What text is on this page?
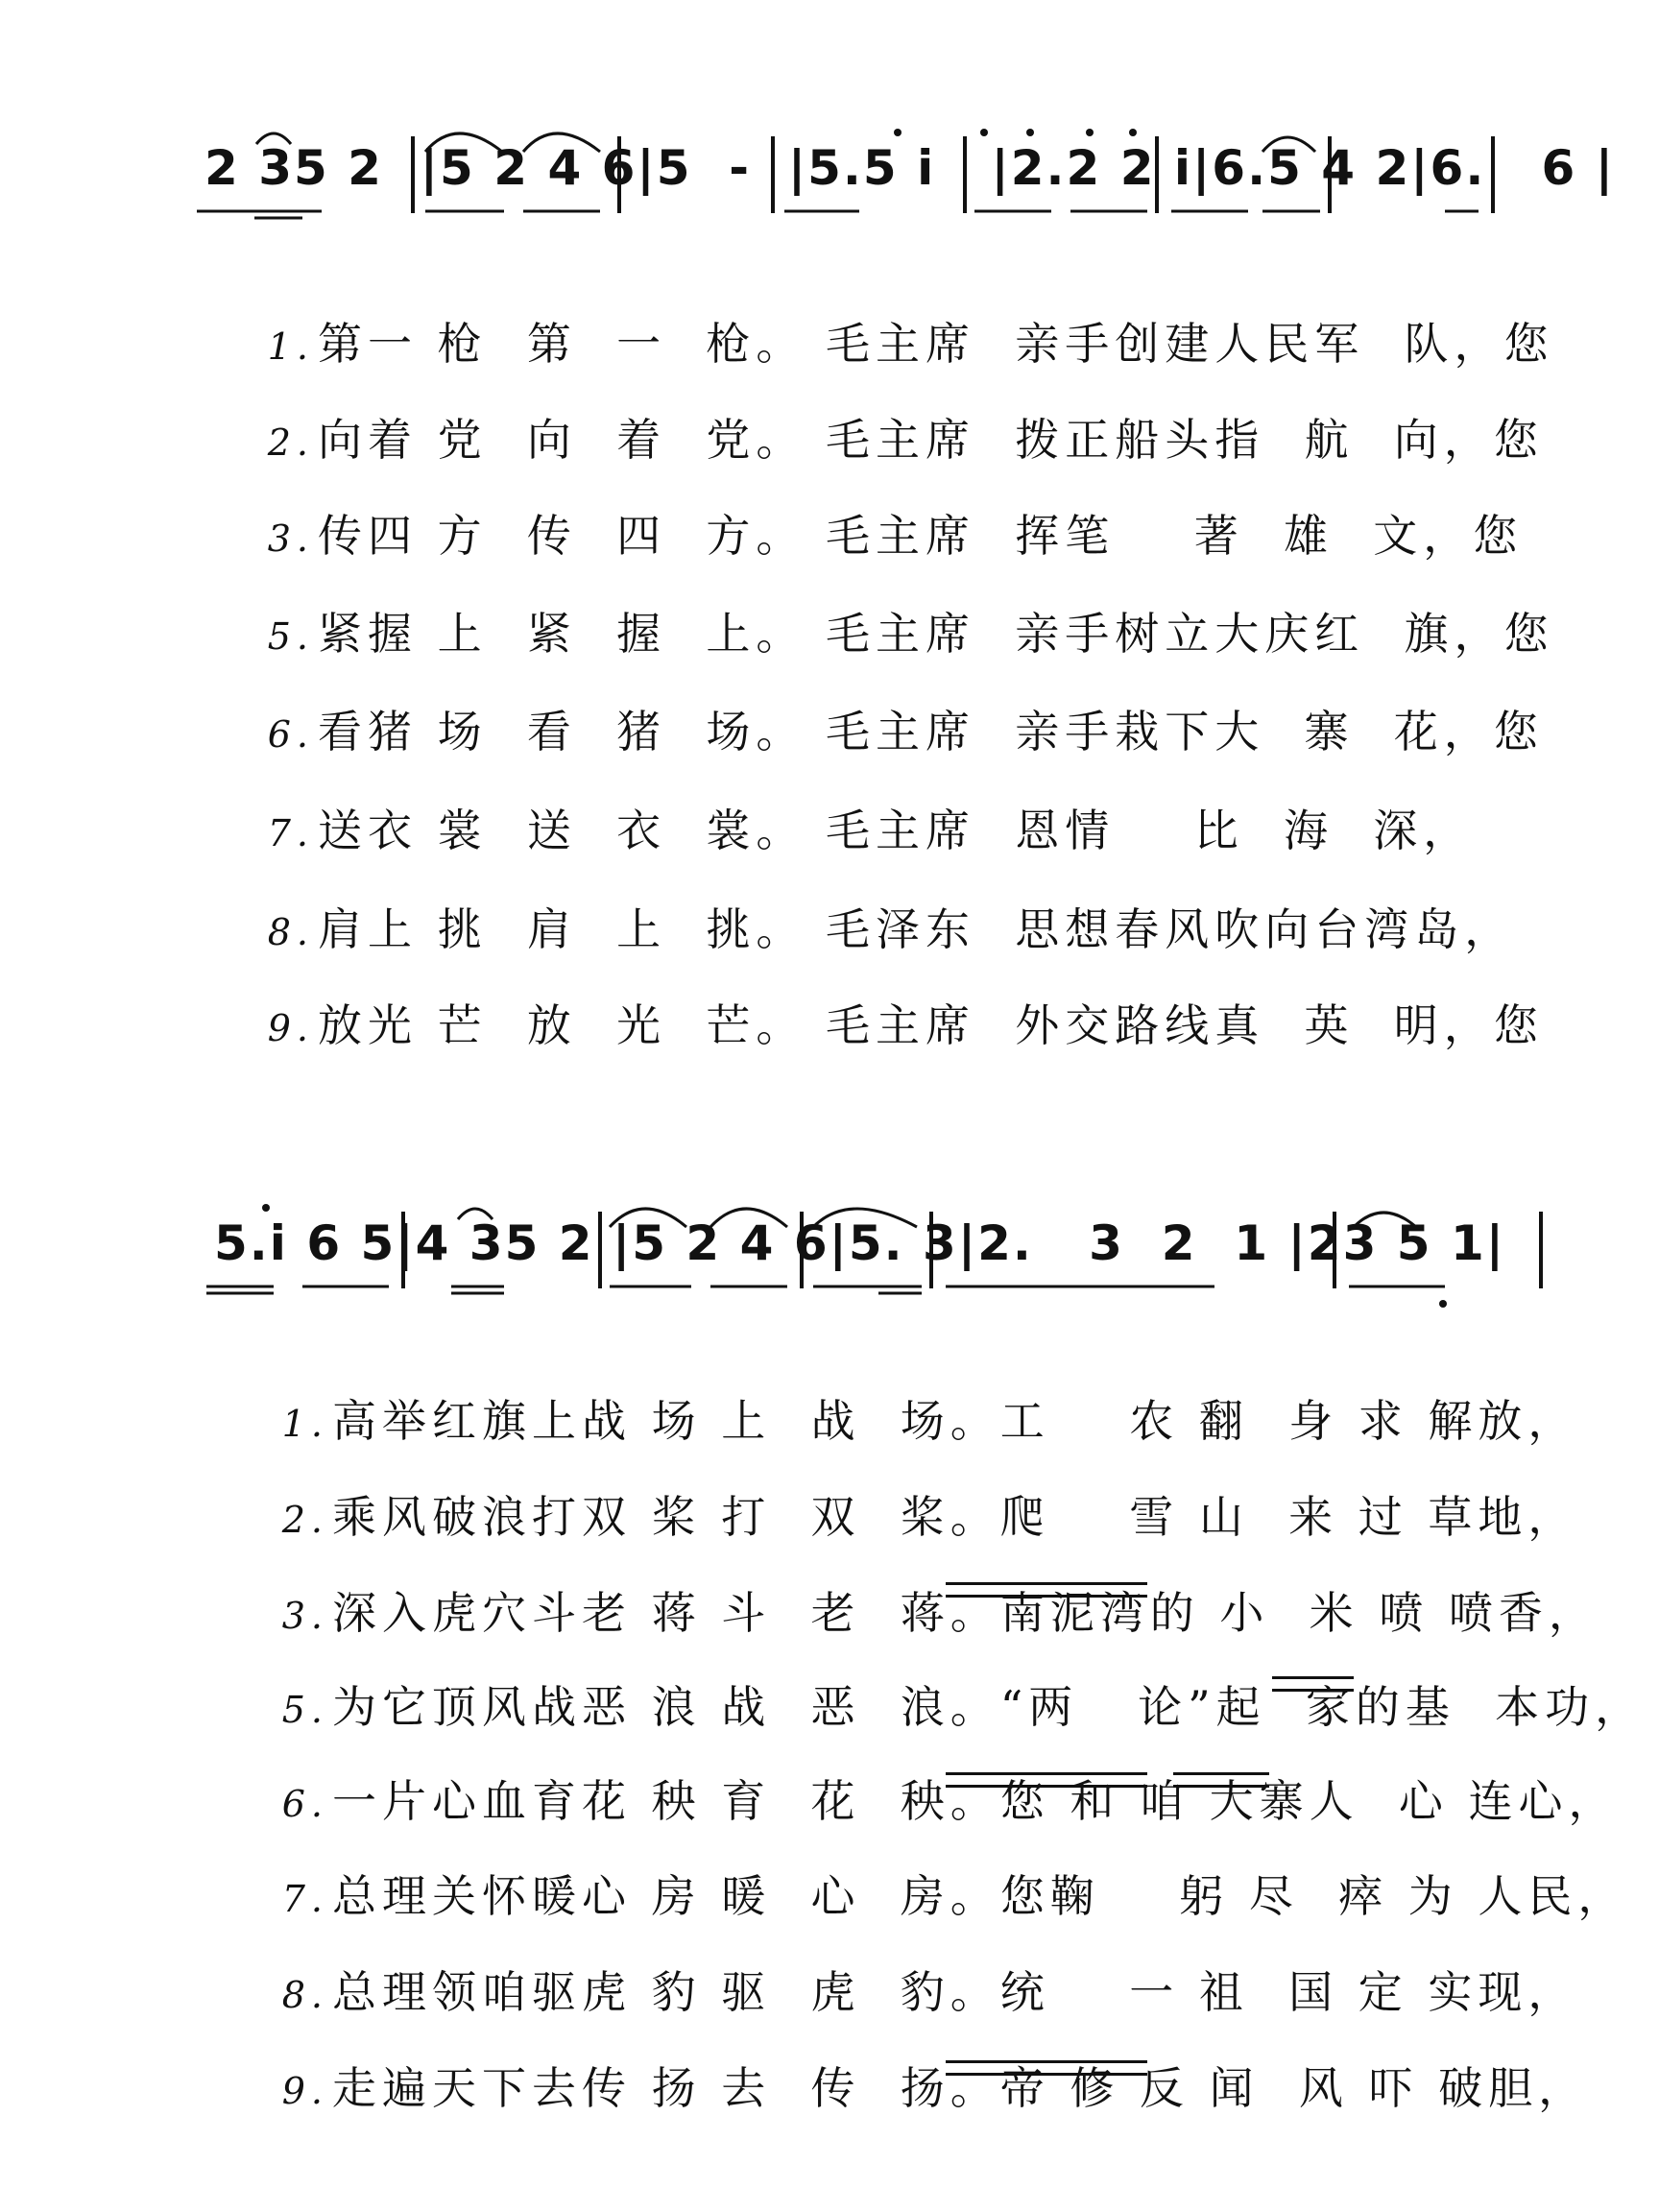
2 35 2  |5 2 4 6|5  -  |5.5 i   |2.2 2 i|6.5 4 2|6.   6 |

1.第一 枪  第  一  枪。 毛主席  亲手创建人民军  队，您

2.向着 党  向  着  党。 毛主席  拨正船头指  航  向，您

3.传四 方  传  四  方。 毛主席  挥笔    著  雄  文，您

5.紧握 上  紧  握  上。 毛主席  亲手树立大庆红  旗，您

6.看猪 场  看  猪  场。 毛主席  亲手栽下大  寨  花，您

7.送衣 裳  送  衣  裳。 毛主席  恩情    比  海  深，

8.肩上 挑  肩  上  挑。 毛泽东  思想春风吹向台湾岛，

9.放光 芒  放  光  芒。 毛主席  外交路线真  英  明，您

5.i 6 5|4 35 2 |5 2 4 6|5. 3|2.   3  2  1 |23 5 1|

1.高举红旗上战 场 上  战  场。工    农 翻  身 求 解放，

2.乘风破浪打双 桨 打  双  桨。爬    雪 山  来 过 草地，

3.深入虎穴斗老 蒋 斗  老  蒋。南泥湾的 小  米 喷 喷香，

5.为它顶风战恶 浪 战  恶  浪。“两   论”起  家的基  本功，

6.一片心血育花 秧 育  花  秧。您 和 咱 大寨人  心 连心，

7.总理关怀暖心 房 暖  心  房。您鞠    躬 尽  瘁 为 人民，

8.总理领咱驱虎 豹 驱  虎  豹。统    一 祖  国 定 实现，

9.走遍天下去传 扬 去  传  扬。帝 修 反 闻  风 吓 破胆，
